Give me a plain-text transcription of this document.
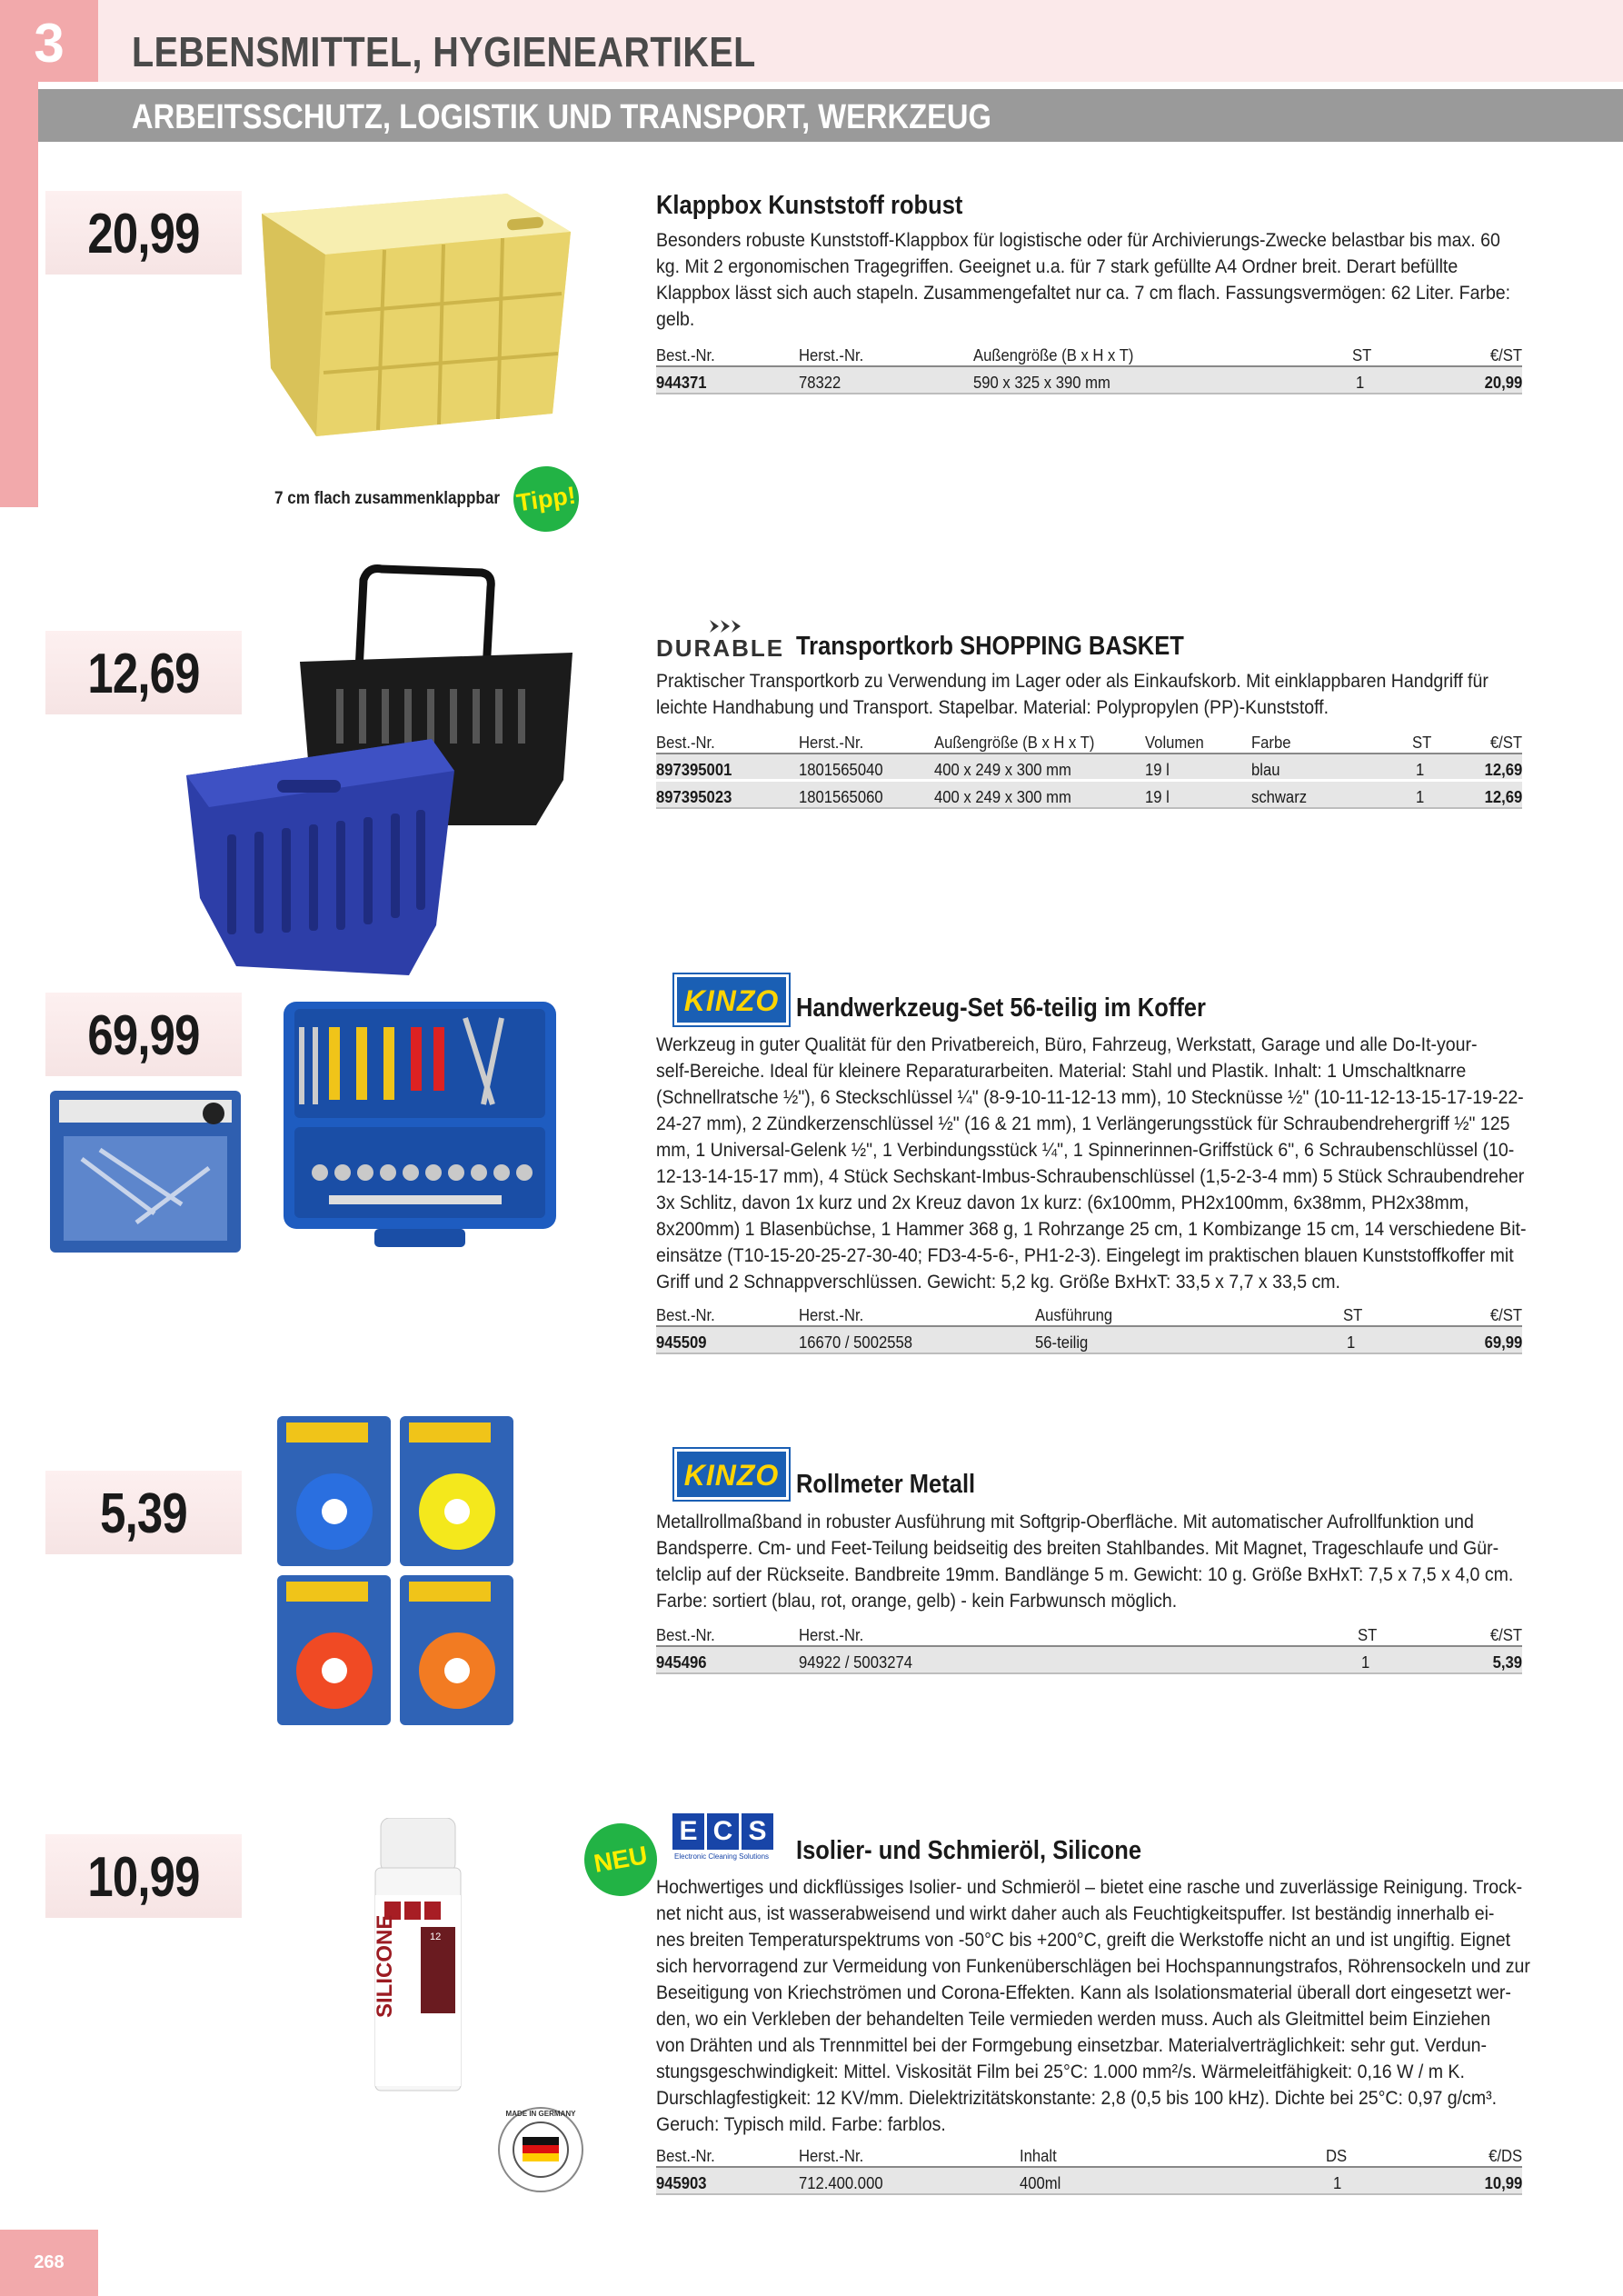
3	LEBENSMITTEL, HYGIENEARTIKEL
ARBEITSSCHUTZ, LOGISTIK UND TRANSPORT, WERKZEUG
20,99	Klappbox Kunststoff robust
Besonders robuste Kunststoff-Klappbox für logistische oder für Archivierungs-Zwecke belastbar bis max. 60
kg. Mit 2 ergonomischen Tragegriffen. Geeignet u.a. für 7 stark gefüllte A4 Ordner breit. Derart befüllte
Klappbox lässt sich auch stapeln. Zusammengefaltet nur ca. 7 cm flach. Fassungsvermögen: 62 Liter. Farbe:
gelb.
Best.-Nr.	Herst.-Nr.	Außengröße (B x H x T)	ST	€/ST
944371	78322	590 x 325 x 390 mm	1	20,99
7 cm flach zusammenklappbar Tipp!
12,69	DURABLE Transportkorb SHOPPING BASKET
Praktischer Transportkorb zu Verwendung im Lager oder als Einkaufskorb. Mit einklappbaren Handgriff für
leichte Handhabung und Transport. Stapelbar. Material: Polypropylen (PP)-Kunststoff.
Best.-Nr.	Herst.-Nr.	Außengröße (B x H x T)	Volumen	Farbe	ST	€/ST
897395001	1801565040	400 x 249 x 300 mm	19 l	blau	1	12,69
897395023	1801565060	400 x 249 x 300 mm	19 l	schwarz	1	12,69
69,99
KINZO Handwerkzeug-Set 56-teilig im Koffer
Werkzeug in guter Qualität für den Privatbereich, Büro, Fahrzeug, Werkstatt, Garage und alle Do-It-your-
self-Bereiche. Ideal für kleinere Reparaturarbeiten. Material: Stahl und Plastik. Inhalt: 1 Umschaltknarre
(Schnellratsche ½"), 6 Steckschlüssel ¼" (8-9-10-11-12-13 mm), 10 Stecknüsse ½" (10-11-12-13-15-17-19-22-
24-27 mm), 2 Zündkerzenschlüssel ½" (16 & 21 mm), 1 Verlängerungsstück für Schraubendrehergriff ½" 125
mm, 1 Universal-Gelenk ½", 1 Verbindungsstück ¼", 1 Spinnerinnen-Griffstück 6", 6 Schraubenschlüssel (10-
12-13-14-15-17 mm), 4 Stück Sechskant-Imbus-Schraubenschlüssel (1,5-2-3-4 mm) 5 Stück Schraubendreher
3x Schlitz, davon 1x kurz und 2x Kreuz davon 1x kurz: (6x100mm, PH2x100mm, 6x38mm, PH2x38mm,
8x200mm) 1 Blasenbüchse, 1 Hammer 368 g, 1 Rohrzange 25 cm, 1 Kombizange 15 cm, 14 verschiedene Bit-
einsätze (T10-15-20-25-27-30-40; FD3-4-5-6-, PH1-2-3). Eingelegt im praktischen blauen Kunststoffkoffer mit
Griff und 2 Schnappverschlüssen. Gewicht: 5,2 kg. Größe BxHxT: 33,5 x 7,7 x 33,5 cm.
Best.-Nr.	Herst.-Nr.	Ausführung	ST	€/ST
945509	16670 / 5002558	56-teilig	1	69,99
5,39
KINZO Rollmeter Metall
Metallrollmaßband in robuster Ausführung mit Softgrip-Oberfläche. Mit automatischer Aufrollfunktion und
Bandsperre. Cm- und Feet-Teilung beidseitig des breiten Stahlbandes. Mit Magnet, Trageschlaufe und Gür-
telclip auf der Rückseite. Bandbreite 19mm. Bandlänge 5 m. Gewicht: 10 g. Größe BxHxT: 7,5 x 7,5 x 4,0 cm.
Farbe: sortiert (blau, rot, orange, gelb) - kein Farbwunsch möglich.
Best.-Nr.	Herst.-Nr.	ST	€/ST
945496	94922 / 5003274	1	5,39
10,99
SILICONE	12
MADE IN GERMANY
NEU
E C S
Electronic Cleaning Solutions Isolier- und Schmieröl, Silicone
Hochwertiges und dickflüssiges Isolier- und Schmieröl – bietet eine rasche und zuverlässige Reinigung. Trock-
net nicht aus, ist wasserabweisend und wirkt daher auch als Feuchtigkeitspuffer. Ist beständig innerhalb ei-
nes breiten Temperaturspektrums von -50°C bis +200°C, greift die Werkstoffe nicht an und ist ungiftig. Eignet
sich hervorragend zur Vermeidung von Funkenüberschlägen bei Hochspannungstrafos, Röhrensockeln und zur
Beseitigung von Kriechströmen und Corona-Effekten. Kann als Isolationsmaterial überall dort eingesetzt wer-
den, wo ein Verkleben der behandelten Teile vermieden werden muss. Auch als Gleitmittel beim Einziehen
von Drähten und als Trennmittel bei der Formgebung einsetzbar. Materialverträglichkeit: sehr gut. Verdun-
stungsgeschwindigkeit: Mittel. Viskosität Film bei 25°C: 1.000 mm²/s. Wärmeleitfähigkeit: 0,16 W / m K.
Durschlagfestigkeit: 12 KV/mm. Dielektrizitätskonstante: 2,8 (0,5 bis 100 kHz). Dichte bei 25°C: 0,97 g/cm³.
Geruch: Typisch mild. Farbe: farblos.
Best.-Nr.	Herst.-Nr.	Inhalt	DS	€/DS
945903	712.400.000	400ml	1	10,99
268
